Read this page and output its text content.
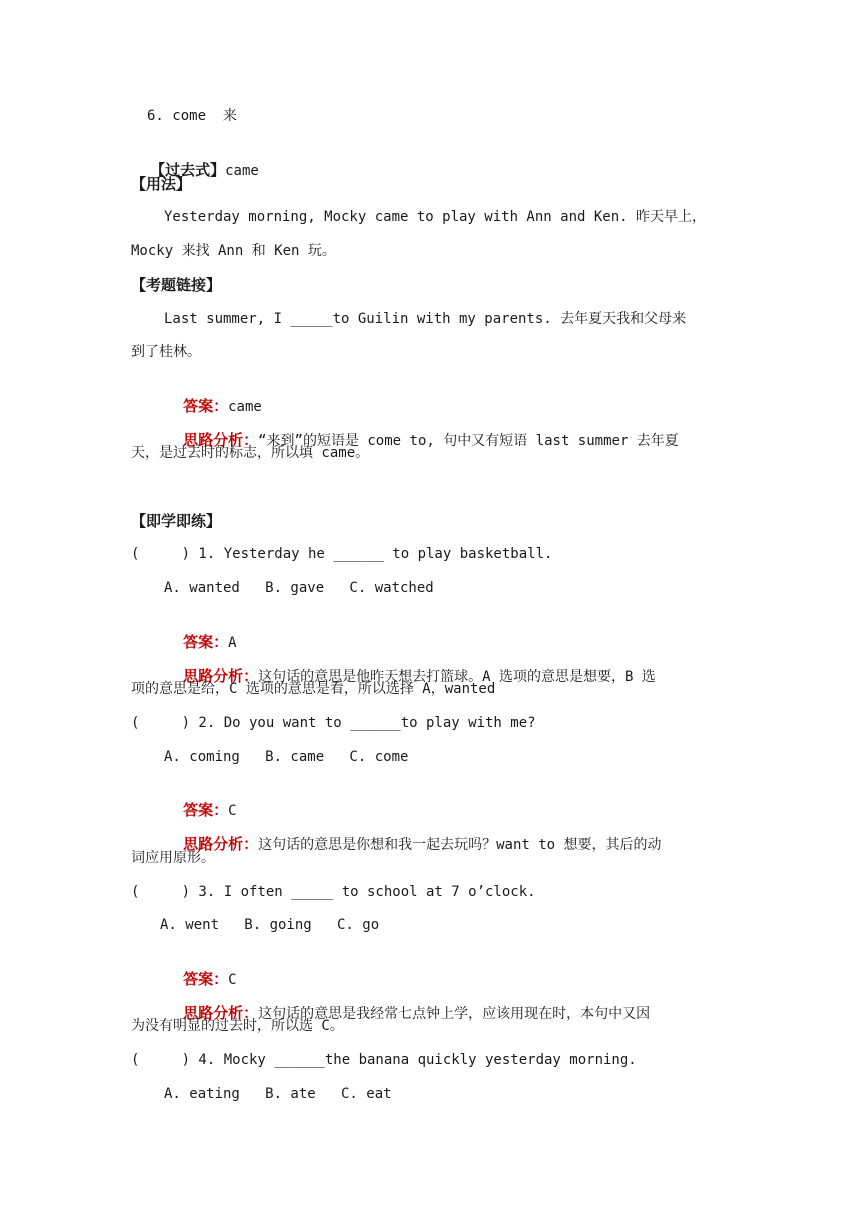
6. come  来

【过去式】came

【用法】
Yesterday morning, Mocky came to play with Ann and Ken. 昨天早上，
Mocky 来找 Ann 和 Ken 玩。
【考题链接】
Last summer, I _____to Guilin with my parents. 去年夏天我和父母来
到了桂林。

答案：came

思路分析：“来到”的短语是 come to, 句中又有短语 last summer 去年夏

天，是过去时的标志，所以填 came。
【即学即练】
(     ) 1. Yesterday he ______ to play basketball.
A. wanted   B. gave   C. watched

答案：A

思路分析：这句话的意思是他昨天想去打篮球。A 选项的意思是想要，B 选

项的意思是给，C 选项的意思是看，所以选择 A，wanted
(     ) 2. Do you want to ______to play with me?
A. coming   B. came   C. come

答案：C

思路分析：这句话的意思是你想和我一起去玩吗？want to 想要，其后的动

词应用原形。
(     ) 3. I often _____ to school at 7 o’clock.
A. went   B. going   C. go

答案：C

思路分析：这句话的意思是我经常七点钟上学，应该用现在时，本句中又因

为没有明显的过去时，所以选 C。
(     ) 4. Mocky ______the banana quickly yesterday morning.
A. eating   B. ate   C. eat
